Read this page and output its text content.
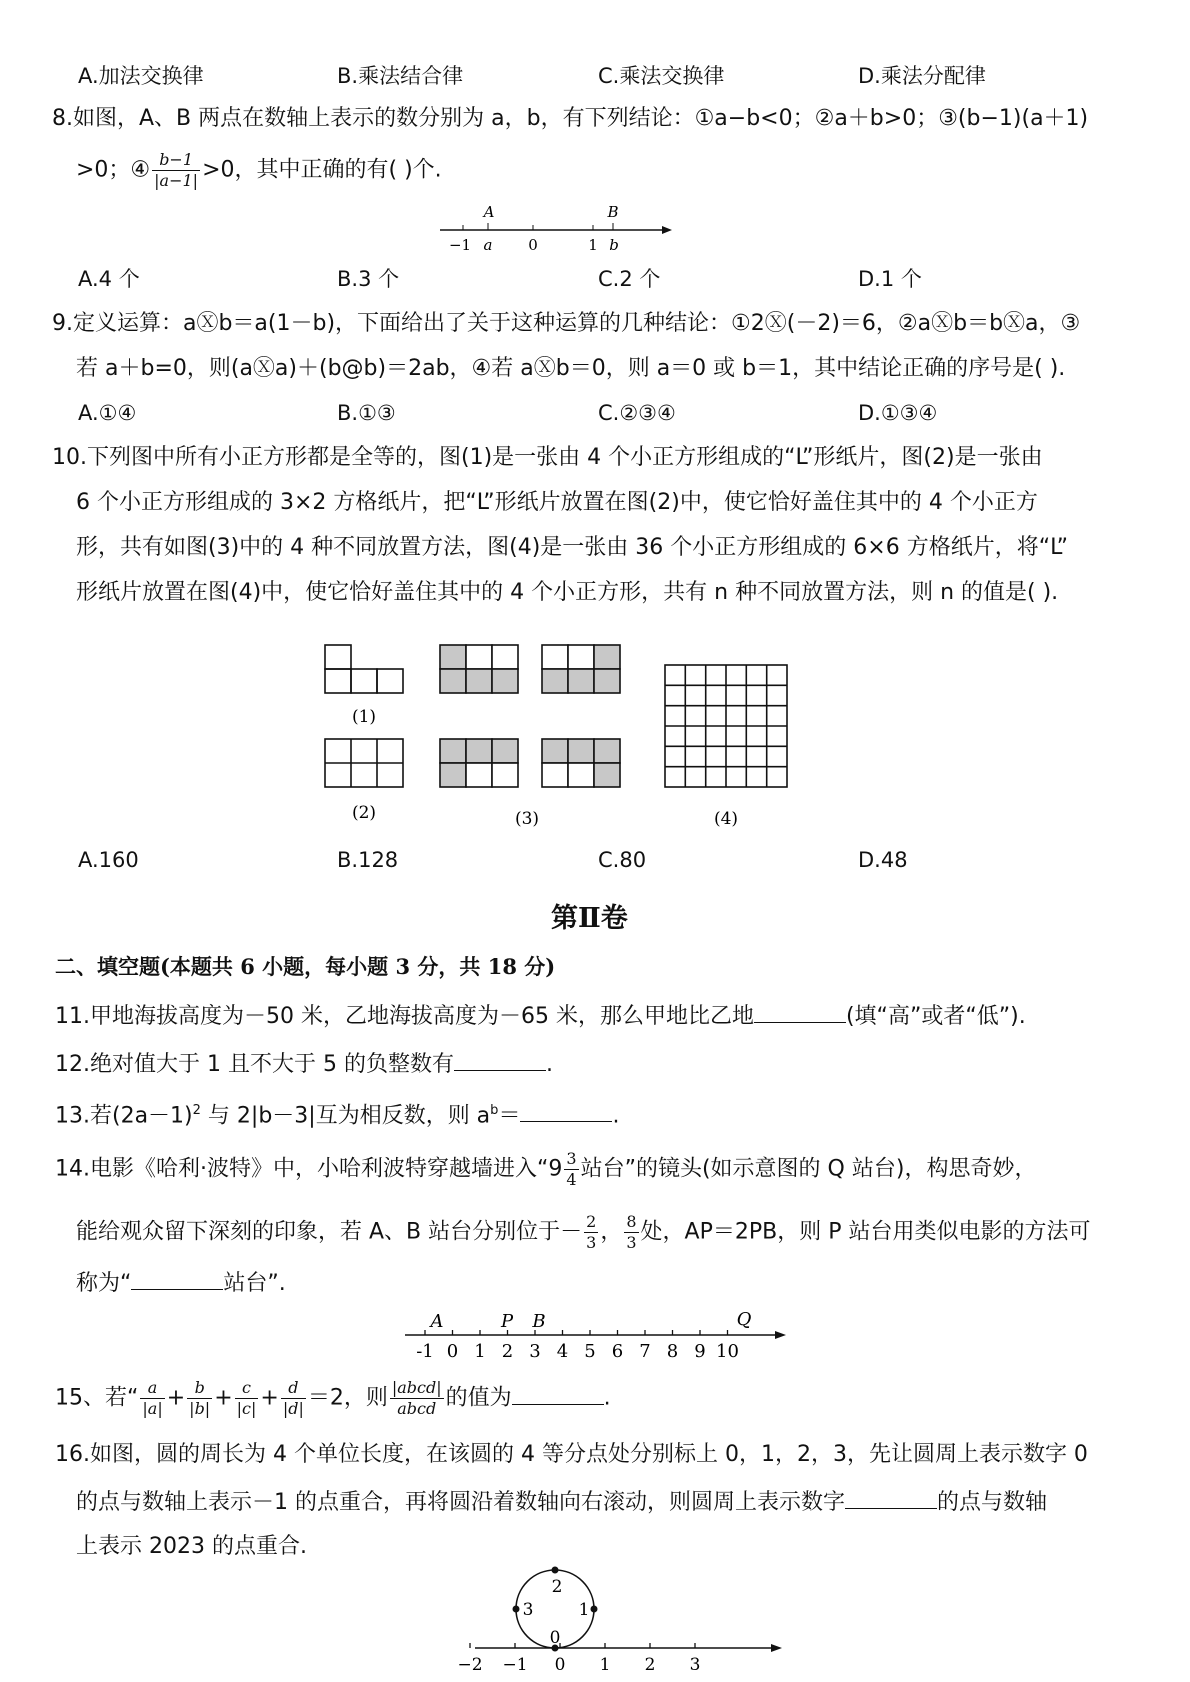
A.加法交换律	B.乘法结合律	C.乘法交换律	D.乘法分配律
8.如图，A、B 两点在数轴上表示的数分别为 a，b，有下列结论：①a−b<0；②a＋b>0；③(b−1)(a＋1)
>0；④ $\frac{b-1}{|a-1|} >0$，其中正确的有( )个.
A	B
−1 a 0	1 b
A.4 个	B.3 个	C.2 个	D.1 个
9.定义运算：aⓍb＝a(1－b)，下面给出了关于这种运算的几种结论：①2Ⓧ(－2)＝6，②aⓍb＝bⓍa，③
若 a＋b=0，则(aⓍa)＋(b@b)＝2ab，④若 aⓍb＝0，则 a＝0 或 b＝1，其中结论正确的序号是( ).
A.①④	B.①③	C.②③④	D.①③④
10.下列图中所有小正方形都是全等的，图(1)是一张由 4 个小正方形组成的“L”形纸片，图(2)是一张由
6 个小正方形组成的 3×2 方格纸片，把“L”形纸片放置在图(2)中，使它恰好盖住其中的 4 个小正方
形，共有如图(3)中的 4 种不同放置方法，图(4)是一张由 36 个小正方形组成的 6×6 方格纸片，将“L”
形纸片放置在图(4)中，使它恰好盖住其中的 4 个小正方形，共有 n 种不同放置方法，则 n 的值是( ).
(1)
(2)	(3)	(4)
A.160	B.128	C.80	D.48
第Ⅱ卷
二、填空题(本题共 6 小题，每小题 3 分，共 18 分)
11.甲地海拔高度为－50 米，乙地海拔高度为－65 米，那么甲地比乙地	(填“高”或者“低”).
12.绝对值大于 1 且不大于 5 的负整数有	.
13.若$(2a-1)^2$ 与 2|b－3|互为相反数，则 $a^b=$	.
14.电影《哈利·波特》中，小哈利波特穿越墙进入“$9 \frac{3}{4}$ 站台”的镜头(如示意图的 Q 站台)，构思奇妙，
能给观众留下深刻的印象，若 A、B 站台分别位于－ $\frac{2}{3}$ ， $\frac{8}{3}$ 处，AP＝2PB，则 P 站台用类似电影的方法可
称为“	站台”.
-1 0 1 2 3 4 5 6 7 8 9 10
A	P B	Q
15、若“ $\frac{a}{|a|} + \frac{b}{|b|} + \frac{c}{|c|} + \frac{d}{|d|} =2$，则 $\frac{\text{|abcd|}}{\text{abcd}}$ 的值为	.
16.如图，圆的周长为 4 个单位长度，在该圆的 4 等分点处分别标上 0，1，2，3，先让圆周上表示数字 0
的点与数轴上表示－1 的点重合，再将圆沿着数轴向右滚动，则圆周上表示数字	的点与数轴
上表示 2023 的点重合.
0
1
2
3
−2 −1 0 1 2 3
